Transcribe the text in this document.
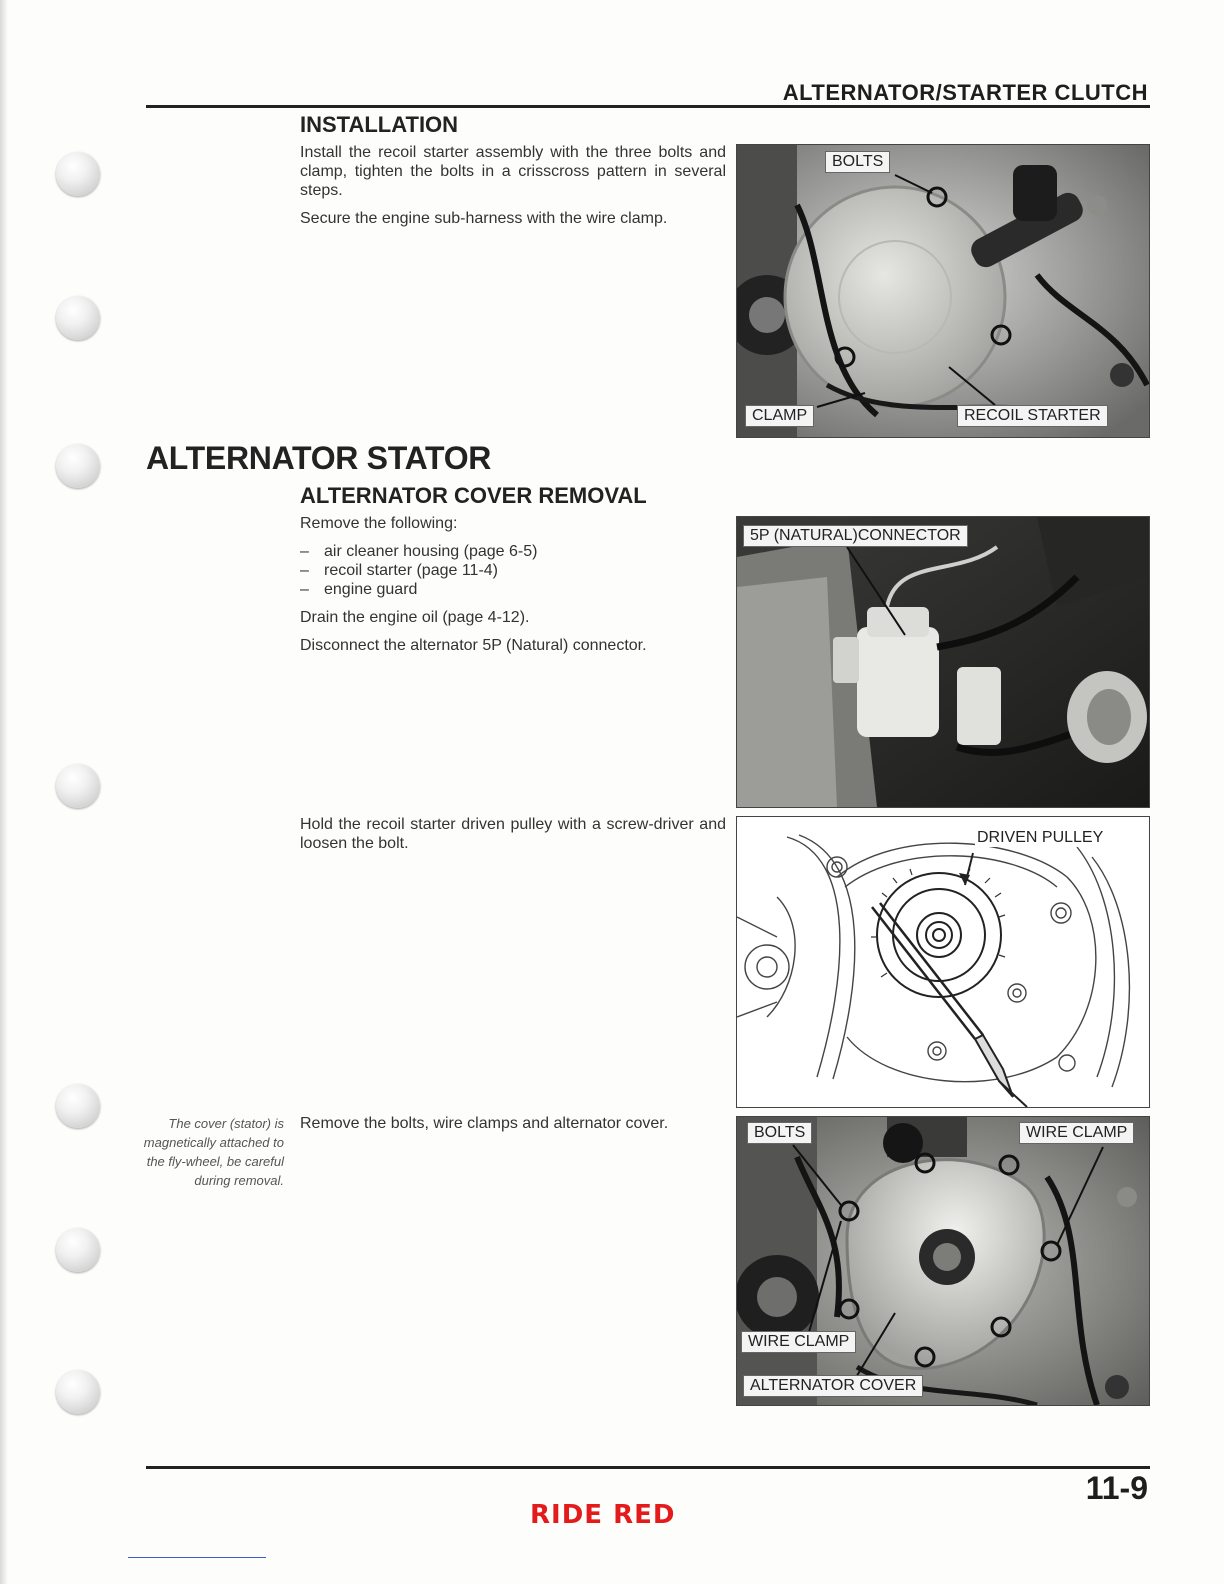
ALTERNATOR/STARTER CLUTCH
INSTALLATION

Install the recoil starter assembly with the three bolts and clamp, tighten the bolts in a crisscross pattern in several steps.

Secure the engine sub-harness with the wire clamp.

BOLTS
CLAMP	RECOIL STARTER
ALTERNATOR STATOR
ALTERNATOR COVER REMOVAL

Remove the following:

– air cleaner housing (page 6-5)
– recoil starter (page 11-4)
– engine guard

Drain the engine oil (page 4-12).

Disconnect the alternator 5P (Natural) connector.

5P (NATURAL)CONNECTOR
Hold the recoil starter driven pulley with a screw-driver and loosen the bolt.	DRIVEN PULLEY
The cover (stator) is magnetically attached to the fly-wheel, be careful during removal.
Remove the bolts, wire clamps and alternator cover.
BOLTS	WIRE CLAMP
WIRE CLAMP
ALTERNATOR COVER
11-9
RIDE RED
